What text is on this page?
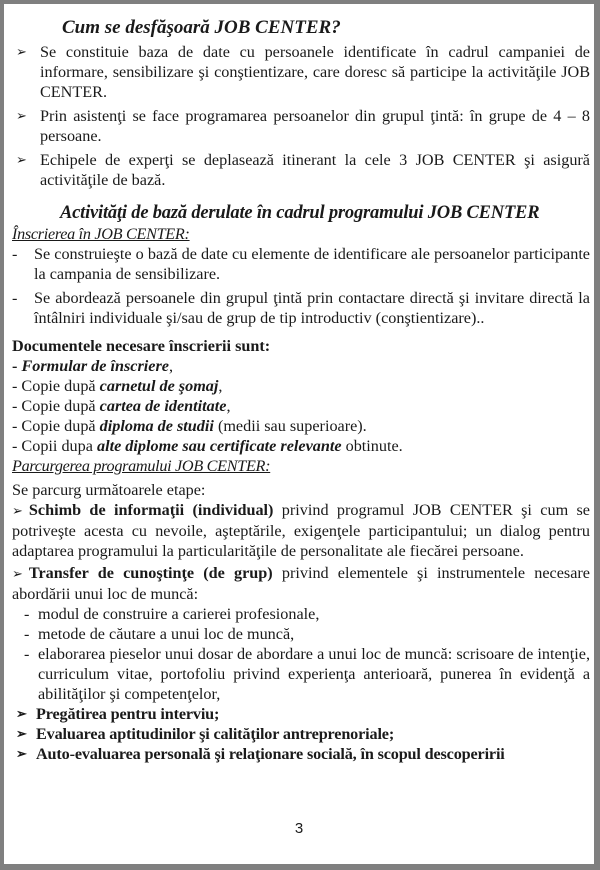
Cum se desfăşoară JOB CENTER?
➢ Se constituie baza de date cu persoanele identificate în cadrul campaniei de informare, sensibilizare şi conştientizare, care doresc să participe la activităţile JOB CENTER.
➢ Prin asistenţi se face programarea persoanelor din grupul ţintă: în grupe de 4 – 8 persoane.
➢ Echipele de experţi se deplasează itinerant la cele 3 JOB CENTER şi asigură activităţile de bază.
Activităţi de bază derulate în cadrul programului JOB CENTER
Înscrierea în JOB CENTER:
- Se construieşte o bază de date cu elemente de identificare ale persoanelor participante la campania de sensibilizare.
- Se abordează persoanele din grupul ţintă prin contactare directă şi invitare directă la întâlniri individuale şi/sau de grup de tip introductiv (conştientizare)..
Documentele necesare înscrierii sunt:
- Formular de înscriere,
- Copie după carnetul de şomaj,
- Copie după cartea de identitate,
- Copie după diploma de studii (medii sau superioare).
- Copii dupa alte diplome sau certificate relevante obtinute.
Parcurgerea programului JOB CENTER:
Se parcurg următoarele etape:
➢ Schimb de informaţii (individual) privind programul JOB CENTER şi cum se potriveşte acesta cu nevoile, aşteptările, exigenţele participantului; un dialog pentru adaptarea programului la particularităţile de personalitate ale fiecărei persoane.
➢ Transfer de cunoştinţe (de grup) privind elementele şi instrumentele necesare abordării unui loc de muncă:
- modul de construire a carierei profesionale,
- metode de căutare a unui loc de muncă,
- elaborarea pieselor unui dosar de abordare a unui loc de muncă: scrisoare de intenţie, curriculum vitae, portofoliu privind experienţa anterioară, punerea în evidenţă a abilităţilor şi competenţelor,
➢ Pregătirea pentru interviu;
➢ Evaluarea aptitudinilor şi calităţilor antreprenoriale;
➢ Auto-evaluarea personală şi relaţionare socială, în scopul descoperirii
3
